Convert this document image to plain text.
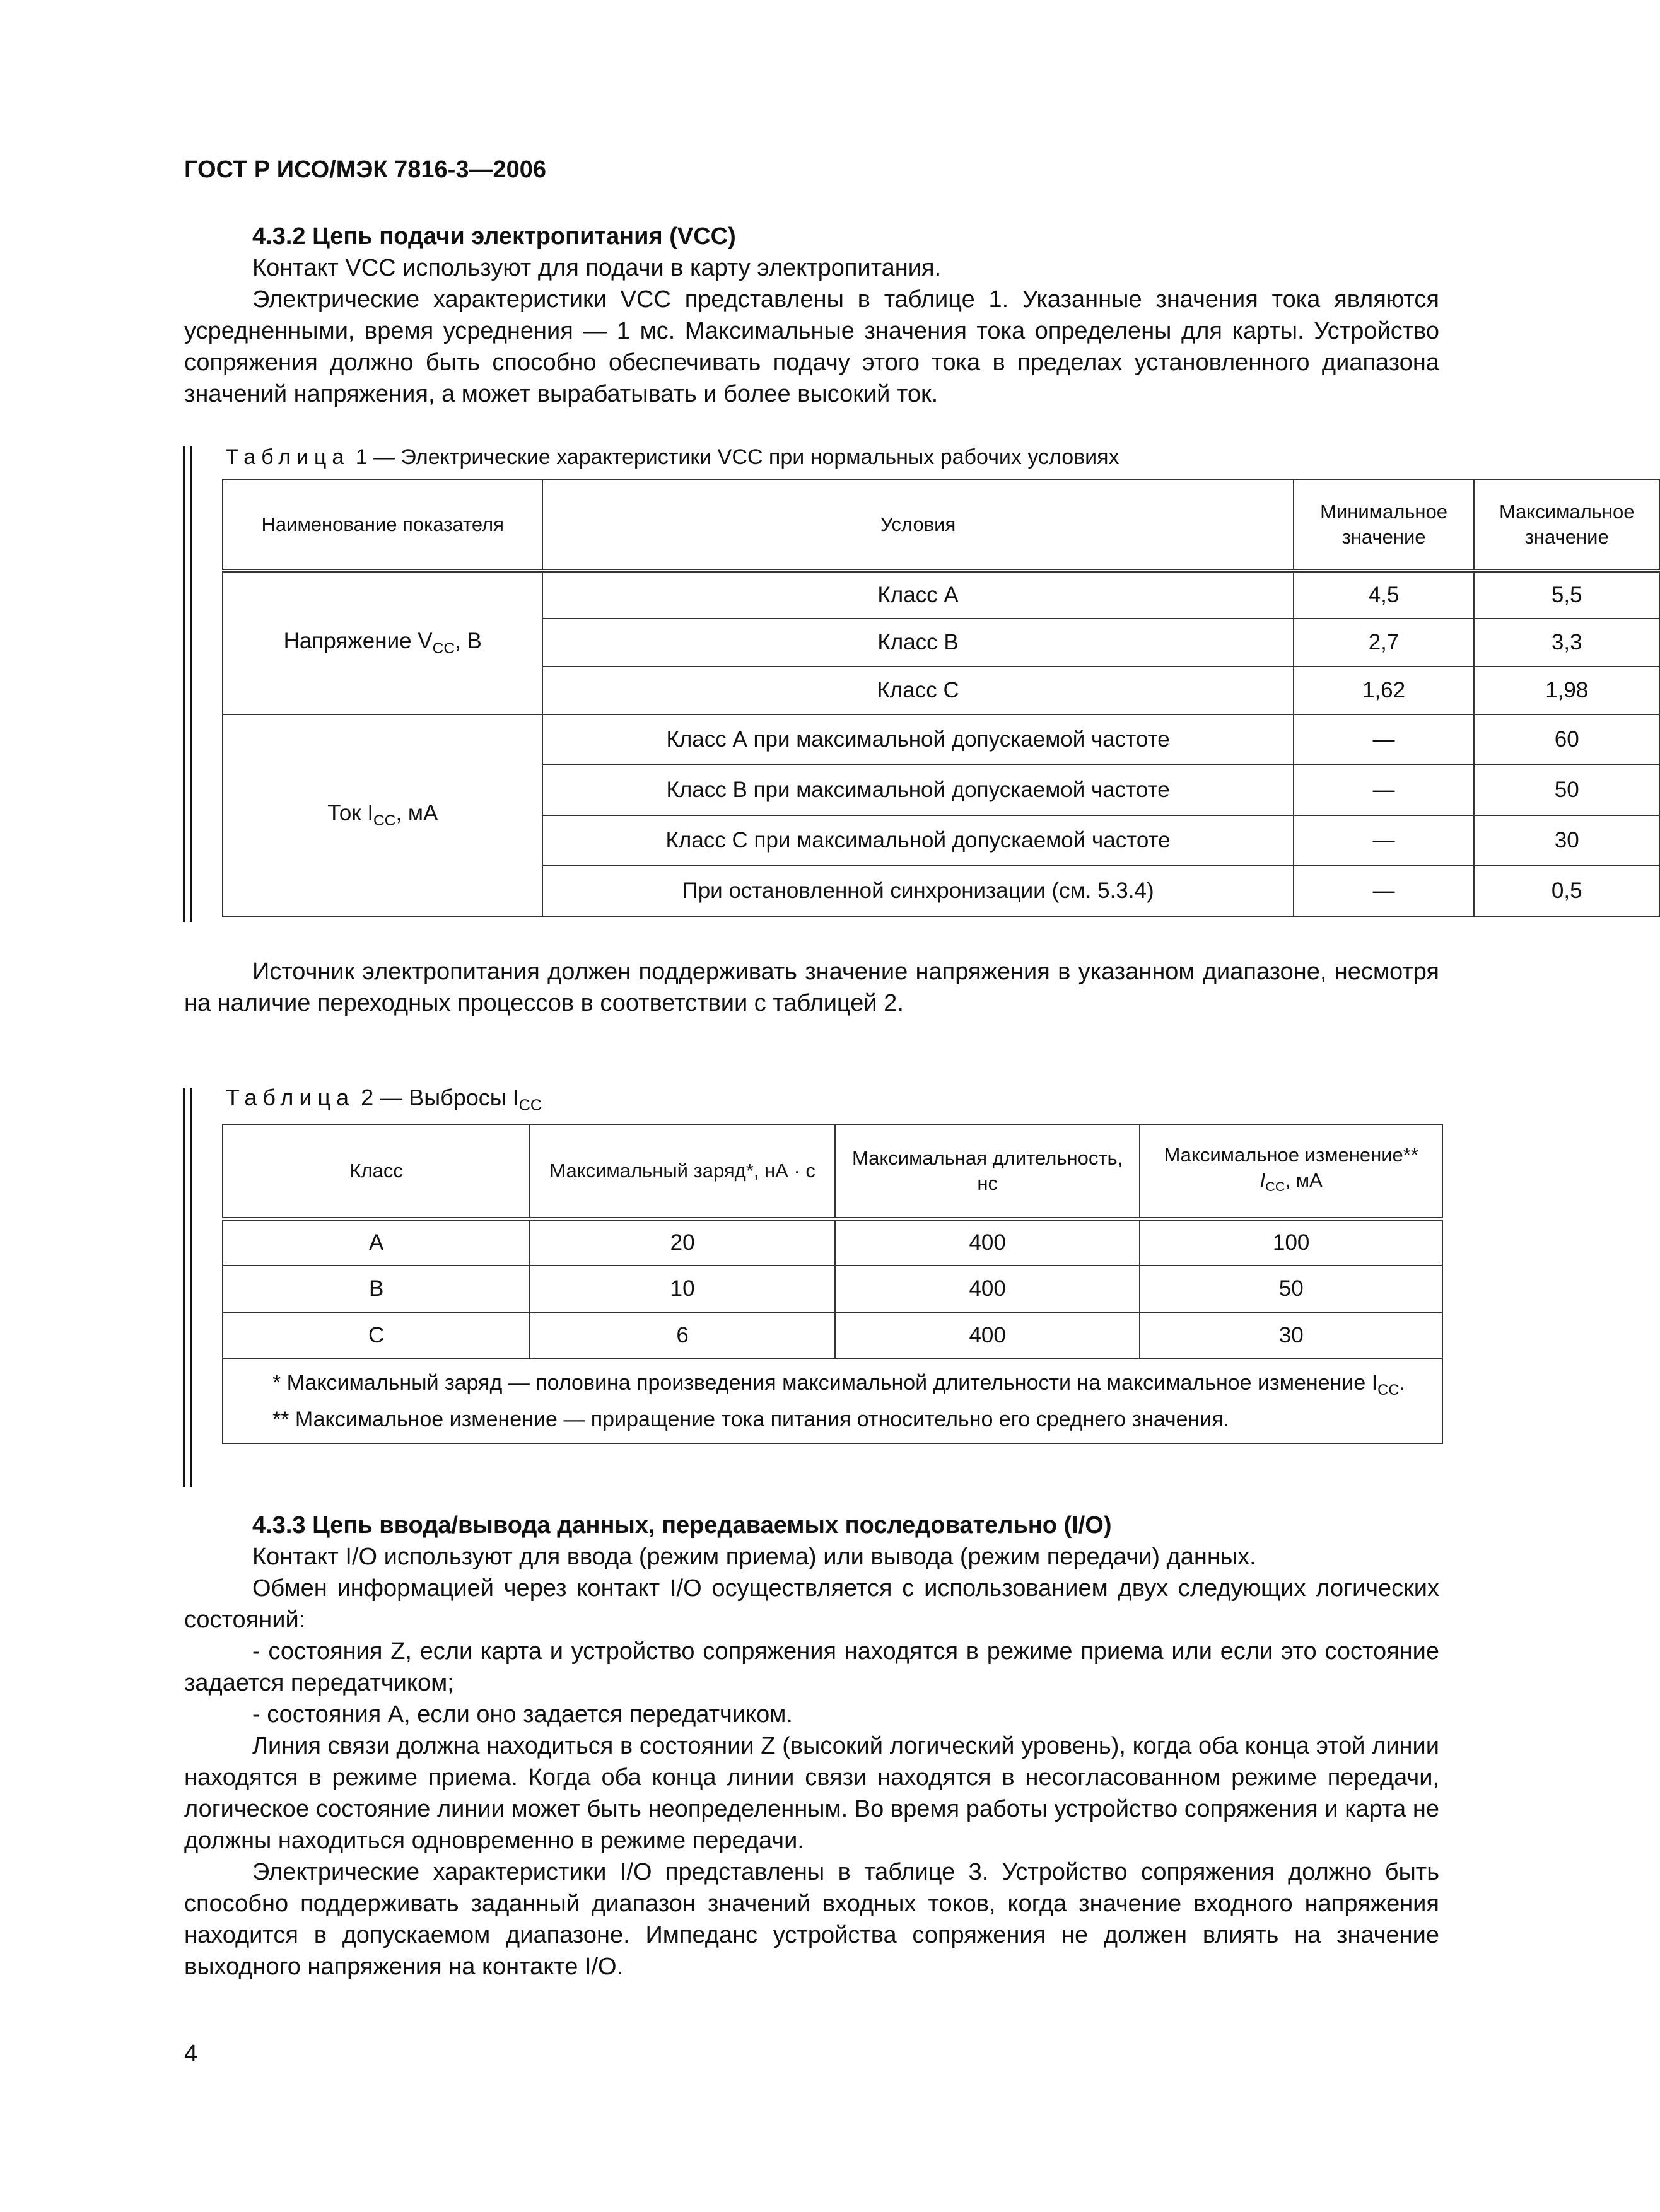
ГОСТ Р ИСО/МЭК 7816-3—2006

4.3.2 Цепь подачи электропитания (VCC)

Контакт VCC используют для подачи в карту электропитания.

Электрические характеристики VCC представлены в таблице 1. Указанные значения тока являются усредненными, время усреднения — 1 мс. Максимальные значения тока определены для карты. Устройство сопряжения должно быть способно обеспечивать подачу этого тока в пределах установленного диапазона значений напряжения, а может вырабатывать и более высокий ток.

Таблица 1 — Электрические характеристики VCC при нормальных рабочих условиях
Наименование показателя	Условия	Минимальное значение	Максимальное значение
Напряжение $V_{CC}$, В	Класс А	4,5	5,5
	Класс В	2,7	3,3
	Класс С	1,62	1,98
Ток $I_{CC}$, мА	Класс А при максимальной допускаемой частоте	—	60
	Класс В при максимальной допускаемой частоте	—	50
	Класс С при максимальной допускаемой частоте	—	30
	При остановленной синхронизации (см. 5.3.4)	—	0,5

Источник электропитания должен поддерживать значение напряжения в указанном диапазоне, несмотря на наличие переходных процессов в соответствии с таблицей 2.

Таблица 2 — Выбросы $I_{CC}$
Класс	Максимальный заряд*, нА · с	Максимальная длительность, нс	Максимальное изменение**
$I_{CC}$, мА

А	20	400	100
В	10	400	50
С	6	400	30

* Максимальный заряд — половина произведения максимальной длительности на максимальное изменение $I_{CC}$.
** Максимальное изменение — приращение тока питания относительно его среднего значения.			

4.3.3 Цепь ввода/вывода данных, передаваемых последовательно (I/O)

Контакт I/O используют для ввода (режим приема) или вывода (режим передачи) данных.

Обмен информацией через контакт I/O осуществляется с использованием двух следующих логических состояний:

- состояния Z, если карта и устройство сопряжения находятся в режиме приема или если это состояние задается передатчиком;

- состояния А, если оно задается передатчиком.

Линия связи должна находиться в состоянии Z (высокий логический уровень), когда оба конца этой линии находятся в режиме приема. Когда оба конца линии связи находятся в несогласованном режиме передачи, логическое состояние линии может быть неопределенным. Во время работы устройство сопряжения и карта не должны находиться одновременно в режиме передачи.

Электрические характеристики I/O представлены в таблице 3. Устройство сопряжения должно быть способно поддерживать заданный диапазон значений входных токов, когда значение входного напряжения находится в допускаемом диапазоне. Импеданс устройства сопряжения не должен влиять на значение выходного напряжения на контакте I/O.

4
